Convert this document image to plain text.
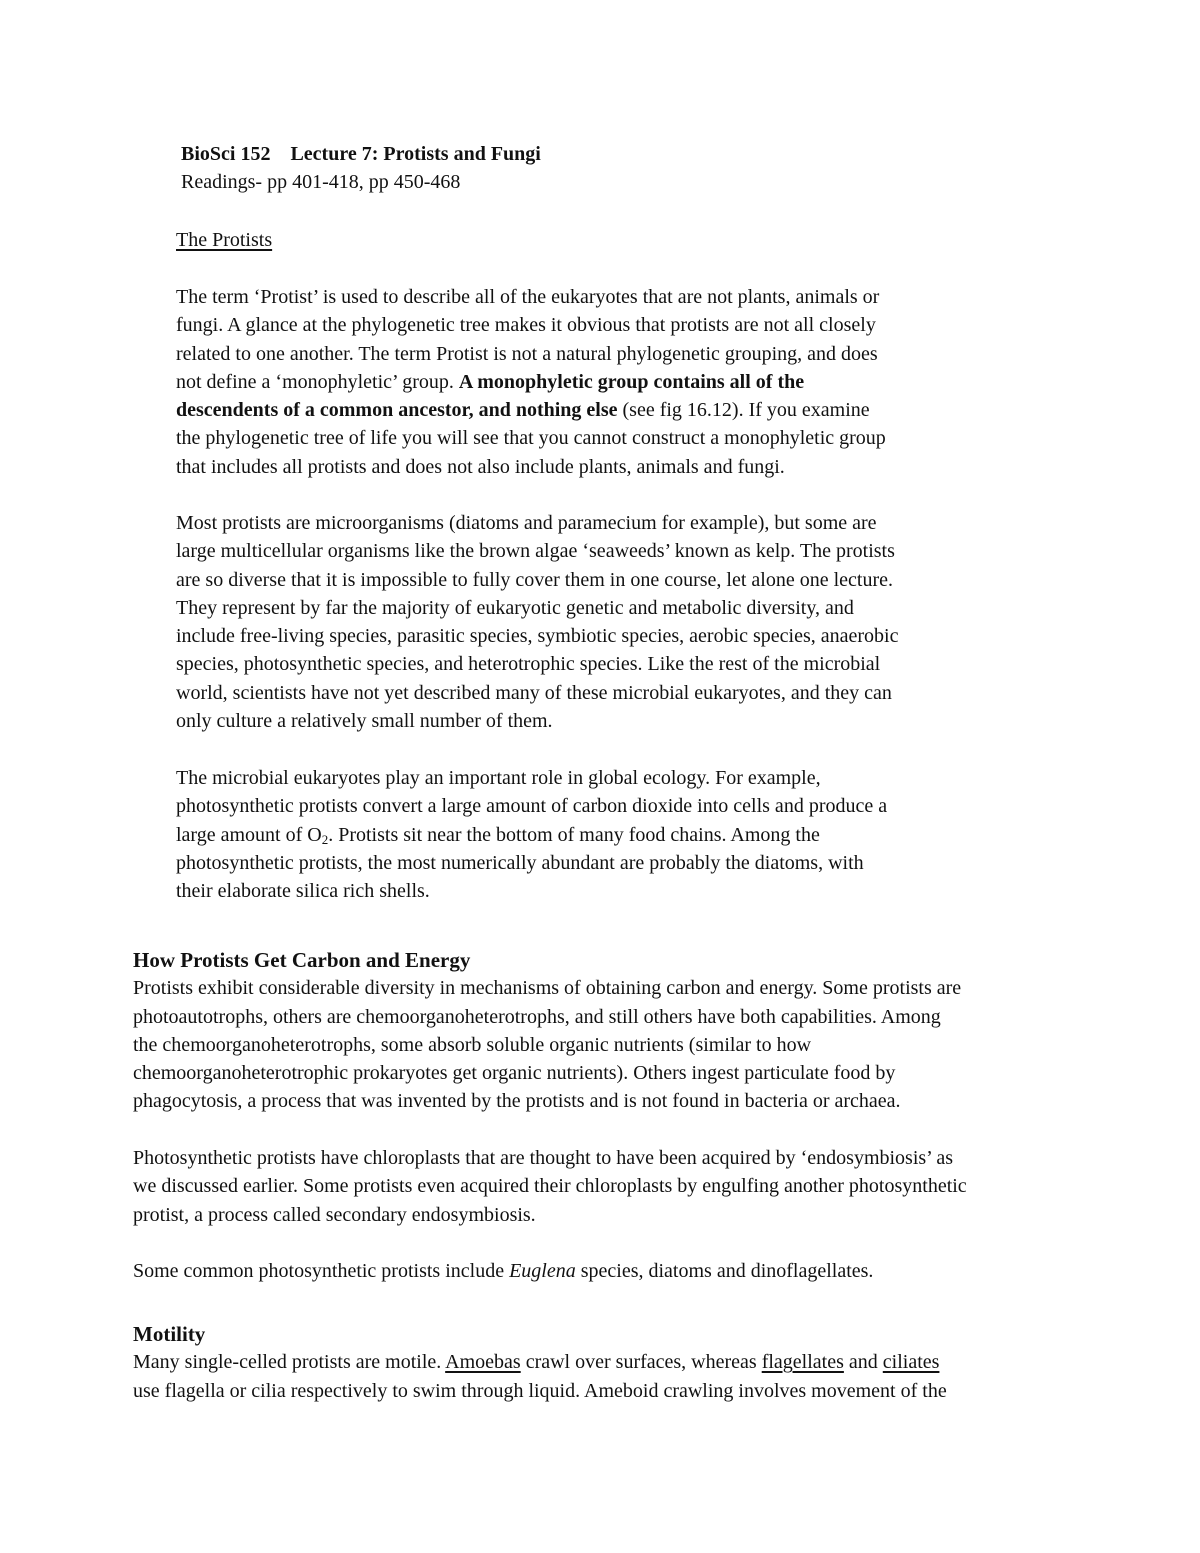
BioSci 152 Lecture 7: Protists and Fungi
Readings- pp 401-418, pp 450-468
The Protists
The term ‘Protist’ is used to describe all of the eukaryotes that are not plants, animals or
fungi. A glance at the phylogenetic tree makes it obvious that protists are not all closely
related to one another. The term Protist is not a natural phylogenetic grouping, and does
not define a ‘monophyletic’ group. A monophyletic group contains all of the
descendents of a common ancestor, and nothing else (see fig 16.12). If you examine
the phylogenetic tree of life you will see that you cannot construct a monophyletic group
that includes all protists and does not also include plants, animals and fungi.
Most protists are microorganisms (diatoms and paramecium for example), but some are
large multicellular organisms like the brown algae ‘seaweeds’ known as kelp. The protists
are so diverse that it is impossible to fully cover them in one course, let alone one lecture.
They represent by far the majority of eukaryotic genetic and metabolic diversity, and
include free-living species, parasitic species, symbiotic species, aerobic species, anaerobic
species, photosynthetic species, and heterotrophic species. Like the rest of the microbial
world, scientists have not yet described many of these microbial eukaryotes, and they can
only culture a relatively small number of them.
The microbial eukaryotes play an important role in global ecology. For example,
photosynthetic protists convert a large amount of carbon dioxide into cells and produce a
large amount of $O_2$. Protists sit near the bottom of many food chains. Among the
photosynthetic protists, the most numerically abundant are probably the diatoms, with
their elaborate silica rich shells.
How Protists Get Carbon and Energy
Protists exhibit considerable diversity in mechanisms of obtaining carbon and energy. Some protists are
photoautotrophs, others are chemoorganoheterotrophs, and still others have both capabilities. Among
the chemoorganoheterotrophs, some absorb soluble organic nutrients (similar to how
chemoorganoheterotrophic prokaryotes get organic nutrients). Others ingest particulate food by
phagocytosis, a process that was invented by the protists and is not found in bacteria or archaea.
Photosynthetic protists have chloroplasts that are thought to have been acquired by ‘endosymbiosis’ as
we discussed earlier. Some protists even acquired their chloroplasts by engulfing another photosynthetic
protist, a process called secondary endosymbiosis.
Some common photosynthetic protists include Euglena species, diatoms and dinoflagellates.
Motility
Many single-celled protists are motile. Amoebas crawl over surfaces, whereas flagellates and ciliates
use flagella or cilia respectively to swim through liquid. Ameboid crawling involves movement of the
